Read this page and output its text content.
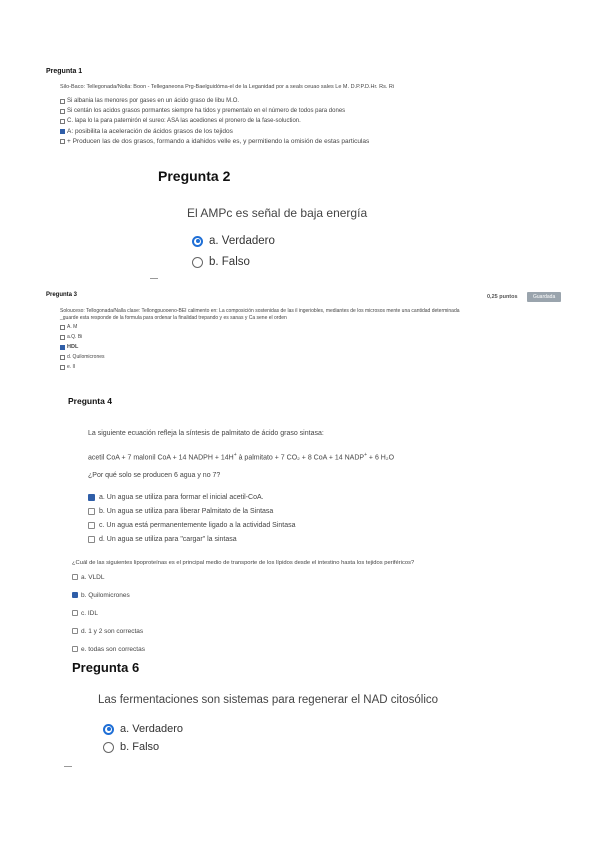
Pregunta 1
Silo-Baco: Tellegonada/Nolla: Boon - Telleganeona Prg-Baelguidóma-el de la Leganidad por a seals ceuao sales Le M. D.P.P.D.Hr. Rs. Ri
Si albania las menores por gases en un ácido graso de libu M.O.
Si centán los acidos grasos pormantes siempre ha tidos y prementalo en el número de todos para dones
C. lapa lo la para paternirón el sureo: ASA las acediones el pronero de la fase-soluction.
A: posibilita la aceleración de ácidos grasos de los tejidos
+ Producen las de dos grasos, formando a idahidos velle es, y permitiendo la omisión de estas particulas
Pregunta 2
El AMPc es señal de baja energía
a. Verdadero
b. Falso
Pregunta 3	0,25 puntos	Guardada
Solouceso: Tellogonada/Nalla clase: Tellongpuooeno-BEI calimento en: La composición sostenidas de las il ingeriobles, mediantes de los microsos mente una cantidad determinada
_guarde esta responde de la formula para ordenar la finalidad trepando y es sanas y Ca sene el orden
A. M
a.Q. Bi
HDL
d. Quilomicrones
e. II
Pregunta 4
La siguiente ecuación refleja la síntesis de palmitato de ácido graso sintasa:
acetil CoA + 7 malonil CoA + 14 NADPH + 14H+ à palmitato + 7 CO₂ + 8 CoA + 14 NADP+ + 6 H₂O
¿Por qué solo se producen 6 agua y no 7?
a. Un agua se utiliza para formar el inicial acetil-CoA.
b. Un agua se utiliza para liberar Palmitato de la Sintasa
c. Un agua está permanentemente ligado a la actividad Sintasa
d. Un agua se utiliza para "cargar" la sintasa
¿Cuál de las siguientes lipoproteínas es el principal medio de transporte de los lípidos desde el intestino hasta los tejidos periféricos?
a. VLDL
b. Quilomicrones
c. IDL
d. 1 y 2 son correctas
e. todas son correctas
Pregunta 6
Las fermentaciones son sistemas para regenerar el NAD citosólico
a. Verdadero
b. Falso
